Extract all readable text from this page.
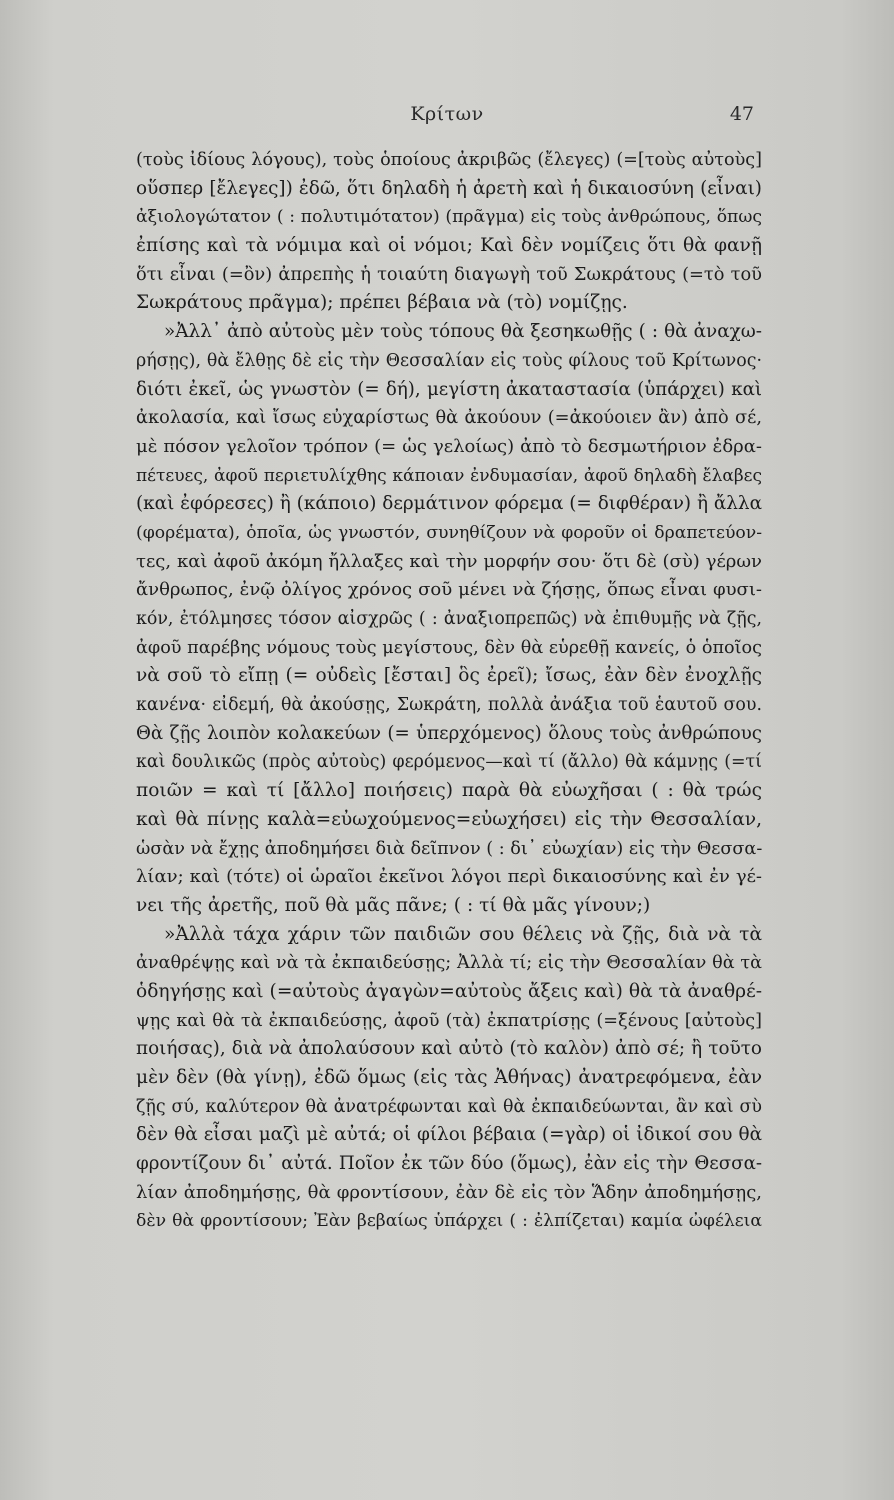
Κρίτων	47
(τοὺς ἰδίους λόγους), τοὺς ὁποίους ἀκριβῶς (ἔλεγες) (=[τοὺς αὐτοὺς]
οὕσπερ [ἔλεγες]) ἐδῶ, ὅτι δηλαδὴ ἡ ἀρετὴ καὶ ἡ δικαιοσύνη (εἶναι)
ἀξιολογώτατον ( : πολυτιμότατον) (πρᾶγμα) εἰς τοὺς ἀνθρώπους, ὅπως
ἐπίσης καὶ τὰ νόμιμα καὶ οἱ νόμοι; Καὶ δὲν νομίζεις ὅτι θὰ φανῇ
ὅτι εἶναι (=ὂν) ἀπρεπὴς ἡ τοιαύτη διαγωγὴ τοῦ Σωκράτους (=τὸ τοῦ
Σωκράτους πρᾶγμα); πρέπει βέβαια νὰ (τὸ) νομίζῃς.
»Ἀλλ᾽ ἀπὸ αὐτοὺς μὲν τοὺς τόπους θὰ ξεσηκωθῇς ( : θὰ ἀναχω-
ρήσῃς), θὰ ἔλθῃς δὲ εἰς τὴν Θεσσαλίαν εἰς τοὺς φίλους τοῦ Κρίτωνος·
διότι ἐκεῖ, ὡς γνωστὸν (= δή), μεγίστη ἀκαταστασία (ὑπάρχει) καὶ
ἀκολασία, καὶ ἴσως εὐχαρίστως θὰ ἀκούουν (=ἀκούοιεν ἂν) ἀπὸ σέ,
μὲ πόσον γελοῖον τρόπον (= ὡς γελοίως) ἀπὸ τὸ δεσμωτήριον ἐδρα-
πέτευες, ἀφοῦ περιετυλίχθης κάποιαν ἐνδυμασίαν, ἀφοῦ δηλαδὴ ἔλαβες
(καὶ ἐφόρεσες) ἢ (κάποιο) δερμάτινον φόρεμα (= διφθέραν) ἢ ἄλλα
(φορέματα), ὁποῖα, ὡς γνωστόν, συνηθίζουν νὰ φοροῦν οἱ δραπετεύον-
τες, καὶ ἀφοῦ ἀκόμη ἤλλαξες καὶ τὴν μορφήν σου· ὅτι δὲ (σὺ) γέρων
ἄνθρωπος, ἐνῷ ὀλίγος χρόνος σοῦ μένει νὰ ζήσῃς, ὅπως εἶναι φυσι-
κόν, ἐτόλμησες τόσον αἰσχρῶς ( : ἀναξιοπρεπῶς) νὰ ἐπιθυμῇς νὰ ζῇς,
ἀφοῦ παρέβης νόμους τοὺς μεγίστους, δὲν θὰ εὑρεθῇ κανείς, ὁ ὁποῖος
νὰ σοῦ τὸ εἴπῃ (= οὐδεὶς [ἔσται] ὃς ἐρεῖ); ἴσως, ἐὰν δὲν ἐνοχλῇς
κανένα· εἰδεμή, θὰ ἀκούσῃς, Σωκράτη, πολλὰ ἀνάξια τοῦ ἑαυτοῦ σου.
Θὰ ζῇς λοιπὸν κολακεύων (= ὑπερχόμενος) ὅλους τοὺς ἀνθρώπους
καὶ δουλικῶς (πρὸς αὐτοὺς) φερόμενος—καὶ τί (ἄλλο) θὰ κάμνῃς (=τί
ποιῶν = καὶ τί [ἄλλο] ποιήσεις) παρὰ θὰ εὐωχῆσαι ( : θὰ τρώς
καὶ θὰ πίνῃς καλὰ=εὐωχούμενος=εὐωχήσει) εἰς τὴν Θεσσαλίαν,
ὡσὰν νὰ ἔχῃς ἀποδημήσει διὰ δεῖπνον ( : δι᾽ εὐωχίαν) εἰς τὴν Θεσσα-
λίαν; καὶ (τότε) οἱ ὡραῖοι ἐκεῖνοι λόγοι περὶ δικαιοσύνης καὶ ἐν γέ-
νει τῆς ἀρετῆς, ποῦ θὰ μᾶς πᾶνε; ( : τί θὰ μᾶς γίνουν;)
»Ἀλλὰ τάχα χάριν τῶν παιδιῶν σου θέλεις νὰ ζῇς, διὰ νὰ τὰ
ἀναθρέψῃς καὶ νὰ τὰ ἐκπαιδεύσῃς; Ἀλλὰ τί; εἰς τὴν Θεσσαλίαν θὰ τὰ
ὁδηγήσῃς καὶ (=αὐτοὺς ἀγαγὼν=αὐτοὺς ἄξεις καὶ) θὰ τὰ ἀναθρέ-
ψῃς καὶ θὰ τὰ ἐκπαιδεύσῃς, ἀφοῦ (τὰ) ἐκπατρίσῃς (=ξένους [αὐτοὺς]
ποιήσας), διὰ νὰ ἀπολαύσουν καὶ αὐτὸ (τὸ καλὸν) ἀπὸ σέ; ἢ τοῦτο
μὲν δὲν (θὰ γίνῃ), ἐδῶ ὅμως (εἰς τὰς Ἀθήνας) ἀνατρεφόμενα, ἐὰν
ζῇς σύ, καλύτερον θὰ ἀνατρέφωνται καὶ θὰ ἐκπαιδεύωνται, ἂν καὶ σὺ
δὲν θὰ εἶσαι μαζὶ μὲ αὐτά; οἱ φίλοι βέβαια (=γὰρ) οἱ ἰδικοί σου θὰ
φροντίζουν δι᾽ αὐτά. Ποῖον ἐκ τῶν δύο (ὅμως), ἐὰν εἰς τὴν Θεσσα-
λίαν ἀποδημήσῃς, θὰ φροντίσουν, ἐὰν δὲ εἰς τὸν Ἅδην ἀποδημήσῃς,
δὲν θὰ φροντίσουν; Ἐὰν βεβαίως ὑπάρχει ( : ἐλπίζεται) καμία ὠφέλεια
